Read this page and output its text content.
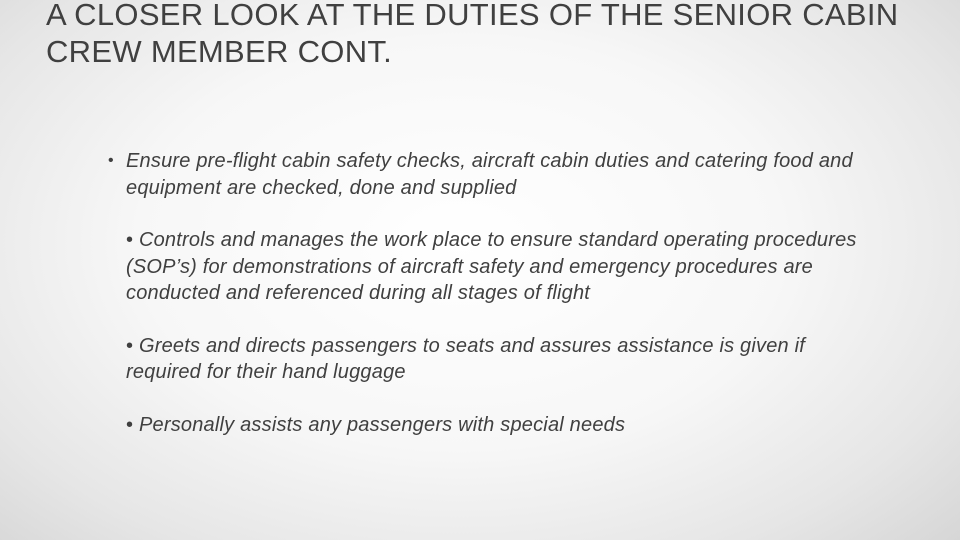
A CLOSER LOOK AT THE DUTIES OF THE SENIOR CABIN CREW MEMBER CONT.
• Ensure pre-flight cabin safety checks, aircraft cabin duties and catering food and equipment are checked, done and supplied
• Controls and manages the work place to ensure standard operating procedures (SOP’s) for demonstrations of aircraft safety and emergency procedures are conducted and referenced during all stages of flight
• Greets and directs passengers to seats and assures assistance is given if required for their hand luggage
• Personally assists any passengers with special needs
